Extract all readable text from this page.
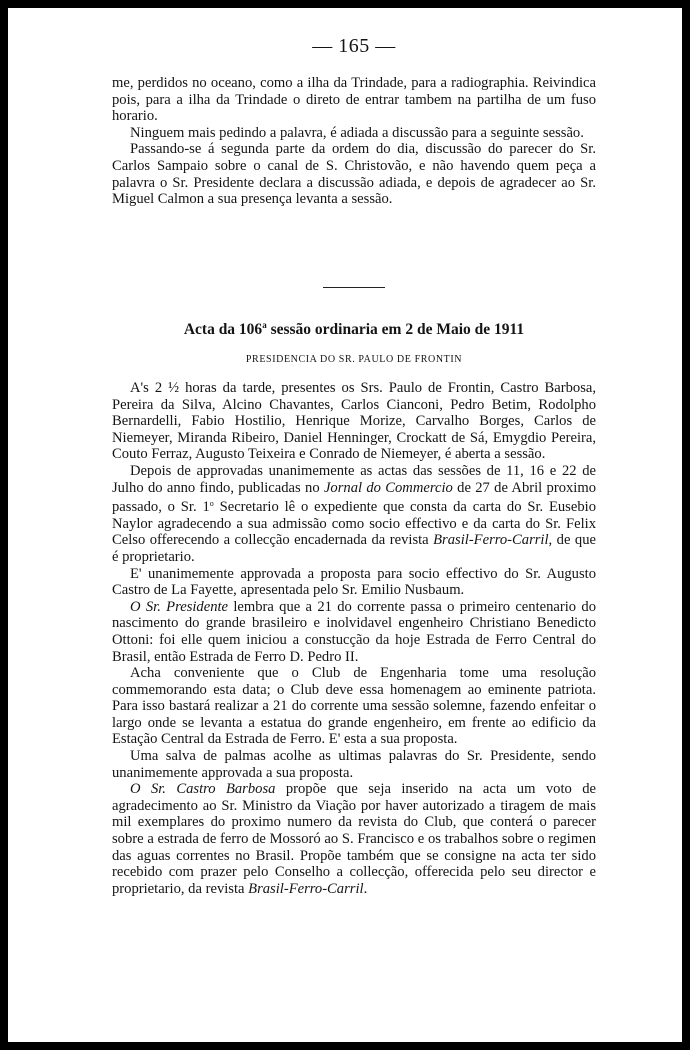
— 165 —

me, perdidos no oceano, como a ilha da Trindade, para a radiographia. Reivindica pois, para a ilha da Trindade o direto de entrar tambem na partilha de um fuso horario.

Ninguem mais pedindo a palavra, é adiada a discussão para a seguinte sessão.

Passando-se á segunda parte da ordem do dia, discussão do parecer do Sr. Carlos Sampaio sobre o canal de S. Christovão, e não havendo quem peça a palavra o Sr. Presidente declara a discussão adiada, e depois de agradecer ao Sr. Miguel Calmon a sua presença levanta a sessão.

Acta da 106$^a$ sessão ordinaria em 2 de Maio de 1911
PRESIDENCIA DO SR. PAULO DE FRONTIN

A's 2 ½ horas da tarde, presentes os Srs. Paulo de Frontin, Castro Barbosa, Pereira da Silva, Alcino Chavantes, Carlos Cianconi, Pedro Betim, Rodolpho Bernardelli, Fabio Hostilio, Henrique Morize, Carvalho Borges, Carlos de Niemeyer, Miranda Ribeiro, Daniel Henninger, Crockatt de Sá, Emygdio Pereira, Couto Ferraz, Augusto Teixeira e Conrado de Niemeyer, é aberta a sessão.

Depois de approvadas unanimemente as actas das sessões de 11, 16 e 22 de Julho do anno findo, publicadas no Jornal do Commercio de 27 de Abril proximo passado, o Sr. 1$^o$ Secretario lê o expediente que consta da carta do Sr. Eusebio Naylor agradecendo a sua admissão como socio effectivo e da carta do Sr. Felix Celso offerecendo a collecção encadernada da revista Brasil-Ferro-Carril, de que é proprietario.

E' unanimemente approvada a proposta para socio effectivo do Sr. Augusto Castro de La Fayette, apresentada pelo Sr. Emilio Nusbaum.

O Sr. Presidente lembra que a 21 do corrente passa o primeiro centenario do nascimento do grande brasileiro e inolvidavel engenheiro Christiano Benedicto Ottoni: foi elle quem iniciou a constucção da hoje Estrada de Ferro Central do Brasil, então Estrada de Ferro D. Pedro II.

Acha conveniente que o Club de Engenharia tome uma resolução commemorando esta data; o Club deve essa homenagem ao eminente patriota. Para isso bastará realizar a 21 do corrente uma sessão solemne, fazendo enfeitar o largo onde se levanta a estatua do grande engenheiro, em frente ao edificio da Estação Central da Estrada de Ferro. E' esta a sua proposta.

Uma salva de palmas acolhe as ultimas palavras do Sr. Presidente, sendo unanimemente approvada a sua proposta.

O Sr. Castro Barbosa propõe que seja inserido na acta um voto de agradecimento ao Sr. Ministro da Viação por haver autorizado a tiragem de mais mil exemplares do proximo numero da revista do Club, que conterá o parecer sobre a estrada de ferro de Mossoró ao S. Francisco e os trabalhos sobre o regimen das aguas correntes no Brasil. Propõe também que se consigne na acta ter sido recebido com prazer pelo Conselho a collecção, offerecida pelo seu director e proprietario, da revista Brasil-Ferro-Carril.
